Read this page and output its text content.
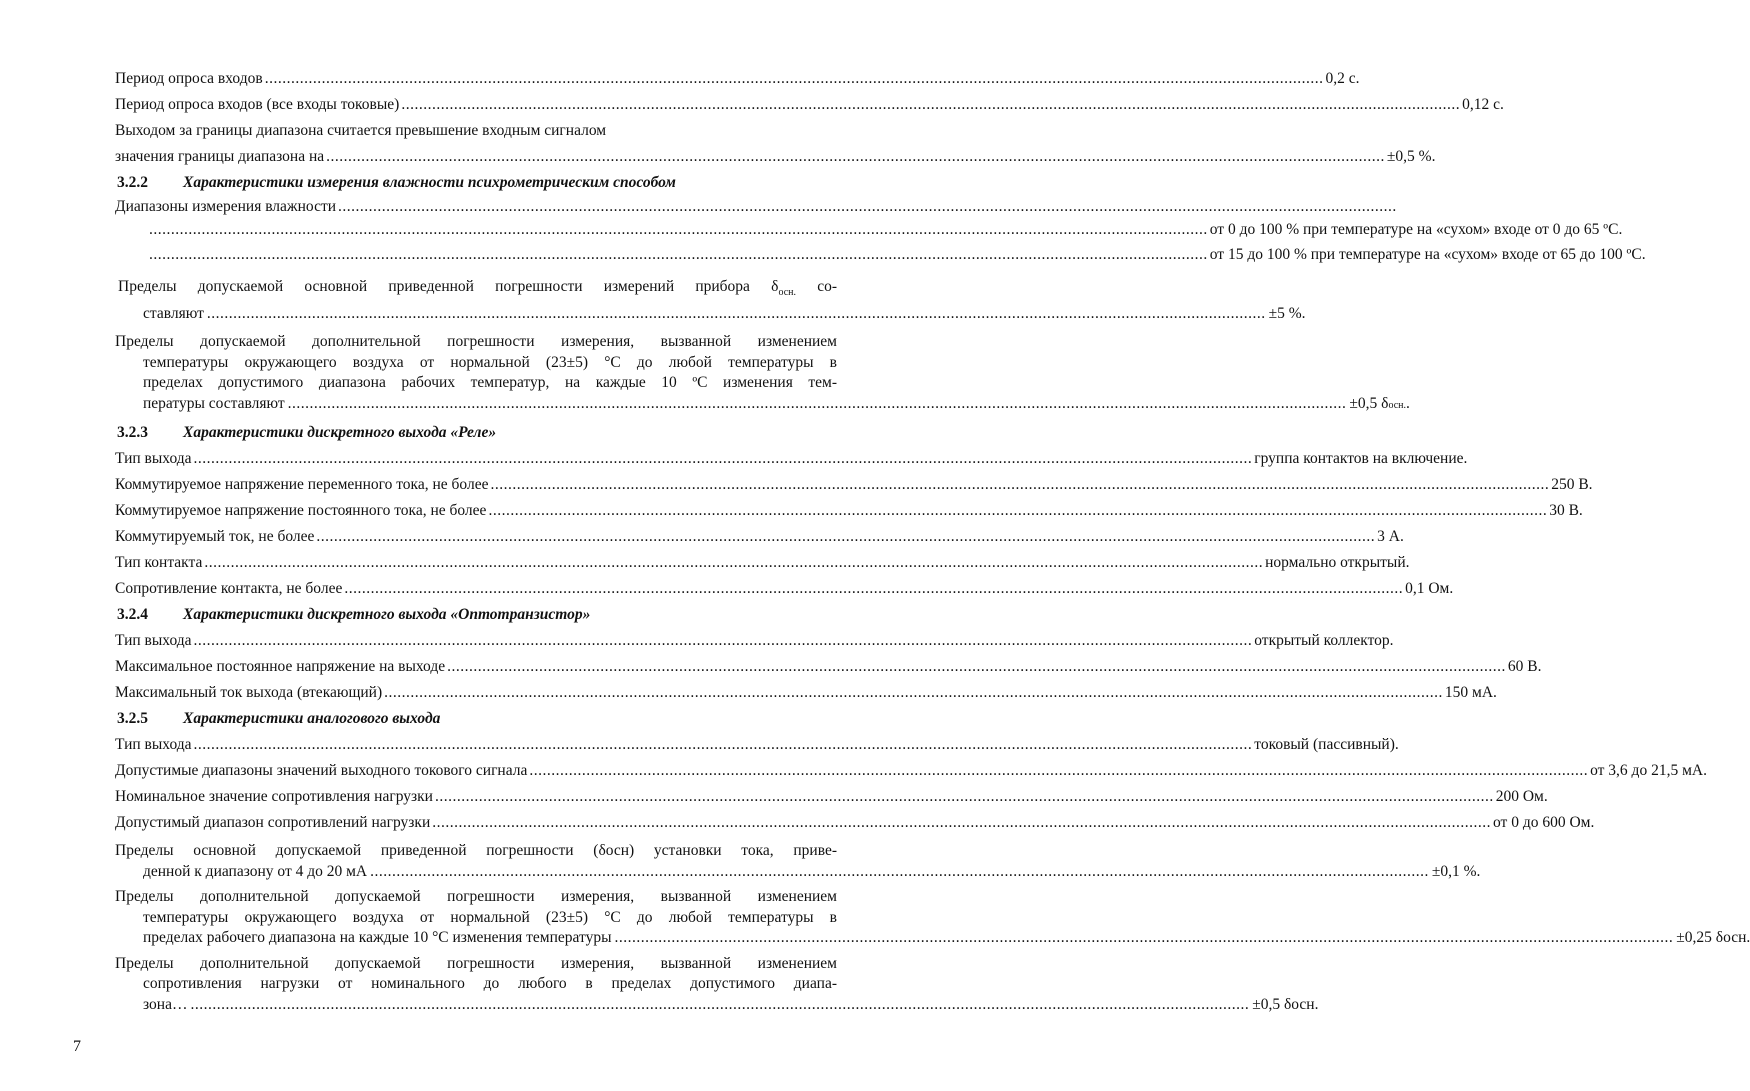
Период опроса входов .................................................................................................................................................................................................................................................. 0,2 с.
Период опроса входов (все входы токовые) .................................................................................................................................................................................................................................................. 0,12 с.
Выходом за границы диапазона считается превышение входным сигналом
значения границы диапазона на .................................................................................................................................................................................................................................................. ±0,5 %.
3.2.2	Характеристики измерения влажности психрометрическим способом
Диапазоны измерения влажности ..................................................................................................................................................................................................................................................
.................................................................................................................................................................................................................................................. от 0 до 100 % при температуре на «сухом» входе от 0 до 65 ºС.
.................................................................................................................................................................................................................................................. от 15 до 100 % при температуре на «сухом» входе от 65 до 100 ºС.
Пределы допускаемой основной приведенной погрешности измерений прибора $\delta_{осн.}$ со-
ставляют .................................................................................................................................................................................................................................................. ±5 %.
Пределы допускаемой дополнительной погрешности измерения, вызванной изменением
температуры окружающего воздуха от нормальной (23±5) °С до любой температуры в
пределах допустимого диапазона рабочих температур, на каждые 10 ºС изменения тем-
пературы составляют .................................................................................................................................................................................................................................................. ±0,5 δ осн. .
3.2.3	Характеристики дискретного выхода «Реле»
Тип выхода .................................................................................................................................................................................................................................................. группа контактов на включение.
Коммутируемое напряжение переменного тока, не более .................................................................................................................................................................................................................................................. 250 В.
Коммутируемое напряжение постоянного тока, не более .................................................................................................................................................................................................................................................. 30 В.
Коммутируемый ток, не более .................................................................................................................................................................................................................................................. 3 А.
Тип контакта .................................................................................................................................................................................................................................................. нормально открытый.
Сопротивление контакта, не более .................................................................................................................................................................................................................................................. 0,1 Ом.
3.2.4	Характеристики дискретного выхода «Оптотранзистор»
Тип выхода .................................................................................................................................................................................................................................................. открытый коллектор.
Максимальное постоянное напряжение на выходе .................................................................................................................................................................................................................................................. 60 В.
Максимальный ток выхода (втекающий) .................................................................................................................................................................................................................................................. 150 мА.
3.2.5	Характеристики аналогового выхода
Тип выхода .................................................................................................................................................................................................................................................. токовый (пассивный).
Допустимые диапазоны значений выходного токового сигнала .................................................................................................................................................................................................................................................. от 3,6 до 21,5 мА.
Номинальное значение сопротивления нагрузки .................................................................................................................................................................................................................................................. 200 Ом.
Допустимый диапазон сопротивлений нагрузки .................................................................................................................................................................................................................................................. от 0 до 600 Ом.
Пределы основной допускаемой приведенной погрешности (δосн) установки тока, приве-
денной к диапазону от 4 до 20 мА .................................................................................................................................................................................................................................................. ±0,1 %.
Пределы дополнительной допускаемой погрешности измерения, вызванной изменением
температуры окружающего воздуха от нормальной (23±5) °С до любой температуры в
пределах рабочего диапазона на каждые 10 °С изменения температуры .................................................................................................................................................................................................................................................. ±0,25 δосн.
Пределы дополнительной допускаемой погрешности измерения, вызванной изменением
сопротивления нагрузки от номинального до любого в пределах допустимого диапа-
зона… .................................................................................................................................................................................................................................................. ±0,5 δосн.
7
